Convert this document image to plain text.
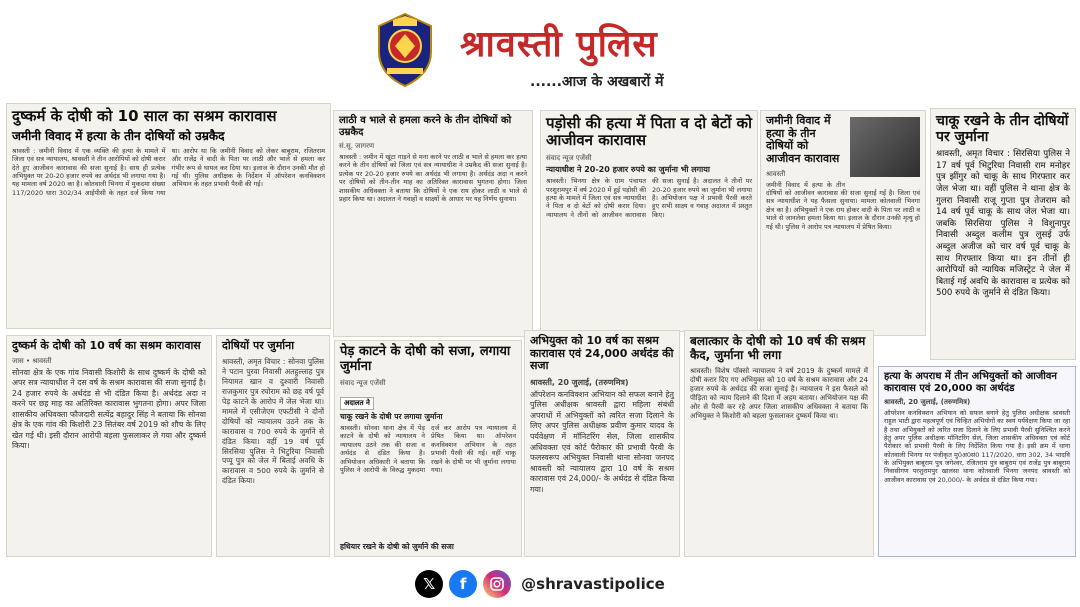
श्रावस्ती पुलिस
......आज के अखबारों में
दुष्कर्म के दोषी को 10 साल का सश्रम कारावास
जमीनी विवाद में हत्या के तीन दोषियों को उम्रकैद
श्रावस्ती : जमीनी विवाद में एक व्यक्ति की हत्या के मामले में जिला एवं सत्र न्यायालय, श्रावस्ती ने तीन आरोपियों को दोषी करार देते हुए आजीवन कारावास की सजा सुनाई है। साथ ही प्रत्येक अभियुक्त पर 20-20 हजार रुपये का अर्थदंड भी लगाया गया है। यह मामला वर्ष 2020 का है। कोतवाली भिनगा में मुकदमा संख्या 117/2020 धारा 302/34 आईपीसी के तहत दर्ज किया गया था। आरोप था कि जमीनी विवाद को लेकर बाबूराम, रजितराम और राजेंद्र ने वादी के पिता पर लाठी और भाले से हमला कर गंभीर रूप से घायल कर दिया था। इलाज के दौरान उनकी मौत हो गई थी। पुलिस अधीक्षक के निर्देशन में ऑपरेशन कनविक्शन अभियान के तहत प्रभावी पैरवी की गई।
लाठी व भाले से हमला करने के तीन दोषियों को उम्रकैद
सं.सू. जागरण
श्रावस्ती : जमीन में खूंटा गाड़ने से मना करने पर लाठी व भाले से हमला कर हत्या करने के तीन दोषियों को जिला एवं सत्र न्यायाधीश ने उम्रकैद की सजा सुनाई है। प्रत्येक पर 20-20 हजार रुपये का अर्थदंड भी लगाया है। अर्थदंड अदा न करने पर दोषियों को तीन-तीन माह का अतिरिक्त कारावास भुगतना होगा। जिला शासकीय अधिवक्ता ने बताया कि दोषियों ने एक राय होकर लाठी व भाले से प्रहार किया था। अदालत ने गवाहों व साक्ष्यों के आधार पर यह निर्णय सुनाया।
पड़ोसी की हत्या में पिता व दो बेटों को आजीवन कारावास
संवाद न्यूज एजेंसी
न्यायाधीश ने 20-20 हजार रुपये का जुर्माना भी लगाया
श्रावस्ती। भिनगा क्षेत्र के ग्राम पंचायत परशुरामपुर में वर्ष 2020 में हुई पड़ोसी की हत्या के मामले में जिला एवं सत्र न्यायाधीश ने पिता व दो बेटों को दोषी करार दिया। न्यायालय ने तीनों को आजीवन कारावास की सजा सुनाई है। अदालत ने तीनों पर 20-20 हजार रुपये का जुर्माना भी लगाया है। अभियोजन पक्ष ने प्रभावी पैरवी करते हुए सभी साक्ष्य व गवाह अदालत में प्रस्तुत किए।
जमीनी विवाद में हत्या के तीन दोषियों को आजीवन कारावास
श्रावस्ती
जमीनी विवाद में हत्या के तीन दोषियों को आजीवन कारावास की सजा सुनाई गई है। जिला एवं सत्र न्यायाधीश ने यह फैसला सुनाया। मामला कोतवाली भिनगा क्षेत्र का है। अभियुक्तों ने एक राय होकर वादी के पिता पर लाठी व भाले से जानलेवा हमला किया था। इलाज के दौरान उनकी मृत्यु हो गई थी। पुलिस ने आरोप पत्र न्यायालय में प्रेषित किया।
चाकू रखने के तीन दोषियों पर जुर्माना
श्रावस्ती, अमृत विचार : सिरसिया पुलिस ने 17 वर्ष पूर्व भिटुरिया निवासी राम मनोहर पुत्र झींगुर को चाकू के साथ गिरफ्तार कर जेल भेजा था। वहीं पुलिस ने थाना क्षेत्र के गुलरा निवासी राजू गुप्ता पुत्र तेजराम को 14 वर्ष पूर्व चाकू के साथ जेल भेजा था। जबकि सिरसिया पुलिस ने विशुनापुर निवासी अब्दुल कलीम पुत्र लुसई उर्फ अब्दुल अजीज को चार वर्ष पूर्व चाकू के साथ गिरफ्तार किया था। इन तीनों ही आरोपियों को न्यायिक मजिस्ट्रेट ने जेल में बिताई गई अवधि के कारावास व प्रत्येक को 500 रुपये के जुर्माने से दंडित किया।
दुष्कर्म के दोषी को 10 वर्ष का सश्रम कारावास
जास • श्रावस्ती
सोनवा क्षेत्र के एक गांव निवासी किशोरी के साथ दुष्कर्म के दोषी को अपर सत्र न्यायाधीश ने दस वर्ष के सश्रम कारावास की सजा सुनाई है। 24 हजार रुपये के अर्थदंड से भी दंडित किया है। अर्थदंड अदा न करने पर छह माह का अतिरिक्त कारावास भुगतना होगा। अपर जिला शासकीय अधिवक्ता फौजदारी सत्येंद्र बहादुर सिंह ने बताया कि सोनवा क्षेत्र के एक गांव की किशोरी 23 सितंबर वर्ष 2019 को शौच के लिए खेत गई थी। इसी दौरान आरोपी बहला फुसलाकर ले गया और दुष्कर्म किया।
दोषियों पर जुर्माना
श्रावस्ती, अमृत विचार : सोनवा पुलिस ने पटान पुरवा निवासी अतहुल्लाह पुत्र नियामत खान व दुश्वारी निवासी राजकुमार पुत्र रघोराम को छह वर्ष पूर्व पेड़ काटने के आरोप में जेल भेजा था। मामले में एसीजेएम एफटीसी ने दोनों दोषियों को न्यायालय उठने तक के कारावास व 700 रुपये के जुर्माने से दंडित किया। वहीं 19 वर्ष पूर्व सिरसिया पुलिस ने भिटुरिया निवासी पप्पू पुत्र को जेल में बिताई अवधि के कारावास व 500 रुपये के जुर्माने से दंडित किया।
पेड़ काटने के दोषी को सजा, लगाया जुर्माना
संवाद न्यूज एजेंसी
अदालत ने
चाकू रखने के दोषी पर लगाया जुर्माना
श्रावस्ती। सोनवा थाना क्षेत्र में पेड़ काटने के दोषी को न्यायालय ने न्यायालय उठने तक की सजा व अर्थदंड से दंडित किया है। अभियोजन अधिकारी ने बताया कि पुलिस ने आरोपी के विरुद्ध मुकदमा दर्ज कर आरोप पत्र न्यायालय में प्रेषित किया था। ऑपरेशन कनविक्शन अभियान के तहत प्रभावी पैरवी की गई। वहीं चाकू रखने के दोषी पर भी जुर्माना लगाया गया।
हथियार रखने के दोषी को जुर्माने की सजा
अभियुक्त को 10 वर्ष का सश्रम कारावास एवं 24,000 अर्थदंड की सजा
श्रावस्ती, 20 जुलाई, (तरुणमित्र)
ऑपरेशन कनविक्शन अभियान को सफल बनाने हेतु पुलिस अधीक्षक श्रावस्ती द्वारा महिला संबंधी अपराधों में अभियुक्तों को त्वरित सजा दिलाने के लिए अपर पुलिस अधीक्षक प्रवीण कुमार यादव के पर्यवेक्षण में मॉनिटरिंग सेल, जिला शासकीय अधिवक्ता एवं कोर्ट पैरोकार की प्रभावी पैरवी के फलस्वरूप अभियुक्त निवासी थाना सोनवा जनपद श्रावस्ती को न्यायालय द्वारा 10 वर्ष के सश्रम कारावास एवं 24,000/- के अर्थदंड से दंडित किया गया।
बलात्कार के दोषी को 10 वर्ष की सश्रम कैद, जुर्माना भी लगा
श्रावस्ती। विशेष पॉक्सो न्यायालय ने वर्ष 2019 के दुष्कर्म मामले में दोषी करार दिए गए अभियुक्त को 10 वर्ष के सश्रम कारावास और 24 हजार रुपये के अर्थदंड की सजा सुनाई है। न्यायालय ने इस फैसले को पीड़िता को न्याय दिलाने की दिशा में अहम बताया। अभियोजन पक्ष की ओर से पैरवी कर रहे अपर जिला शासकीय अधिवक्ता ने बताया कि अभियुक्त ने किशोरी को बहला फुसलाकर दुष्कर्म किया था।
हत्या के अपराध में तीन अभियुक्तों को आजीवन कारावास एवं 20,000 का अर्थदंड
श्रावस्ती, 20 जुलाई, (तरुणमित्र)
ऑपरेशन कनविक्शन अभियान को सफल बनाने हेतु पुलिस अधीक्षक श्रावस्ती राहुल भाटी द्वारा महत्वपूर्ण एवं चिन्हित अभियोगों का स्वयं पर्यवेक्षण किया जा रहा है तथा अभियुक्तों को त्वरित सजा दिलाने के लिए प्रभावी पैरवी सुनिश्चित करने हेतु अपर पुलिस अधीक्षक मॉनिटरिंग सेल, जिला शासकीय अधिवक्ता एवं कोर्ट पैरोकार को प्रभावी पैरवी के लिए निर्देशित किया गया है। इसी क्रम में थाना कोतवाली भिनगा पर पंजीकृत मु0अ0सं0 117/2020, धारा 302, 34 भादवि के अभियुक्त बाबूराम पुत्र जगेश्वर, रजितराम पुत्र बाबूराम एवं राजेंद्र पुत्र बाबूराम निवासीगण परशुरामपुर खालसा थाना कोतवाली भिनगा जनपद श्रावस्ती को आजीवन कारावास एवं 20,000/- के अर्थदंड से दंडित किया गया।
𝕏	f	@shravastipolice
